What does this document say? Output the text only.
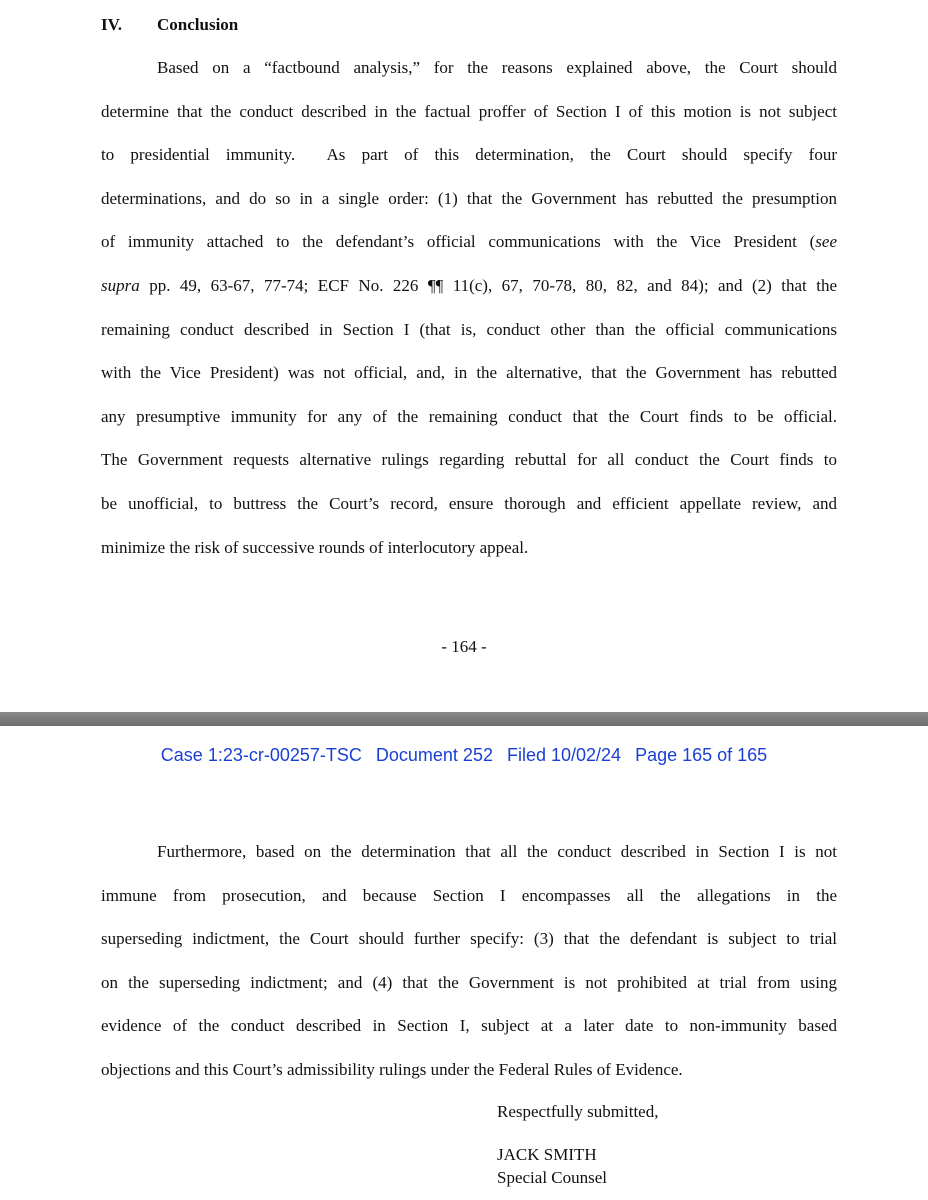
IV. Conclusion
Based on a “factbound analysis,” for the reasons explained above, the Court should
determine that the conduct described in the factual proffer of Section I of this motion is not subject
to presidential immunity.  As part of this determination, the Court should specify four
determinations, and do so in a single order: (1) that the Government has rebutted the presumption
of immunity attached to the defendant’s official communications with the Vice President (see
supra pp. 49, 63-67, 77-74; ECF No. 226 ¶¶ 11(c), 67, 70-78, 80, 82, and 84); and (2) that the
remaining conduct described in Section I (that is, conduct other than the official communications
with the Vice President) was not official, and, in the alternative, that the Government has rebutted
any presumptive immunity for any of the remaining conduct that the Court finds to be official.
The Government requests alternative rulings regarding rebuttal for all conduct the Court finds to
be unofficial, to buttress the Court’s record, ensure thorough and efficient appellate review, and
minimize the risk of successive rounds of interlocutory appeal.
- 164 -
Case 1:23-cr-00257-TSC Document 252 Filed 10/02/24 Page 165 of 165
Furthermore, based on the determination that all the conduct described in Section I is not
immune from prosecution, and because Section I encompasses all the allegations in the
superseding indictment, the Court should further specify: (3) that the defendant is subject to trial
on the superseding indictment; and (4) that the Government is not prohibited at trial from using
evidence of the conduct described in Section I, subject at a later date to non-immunity based
objections and this Court’s admissibility rulings under the Federal Rules of Evidence.
Respectfully submitted,
JACK SMITH
Special Counsel
